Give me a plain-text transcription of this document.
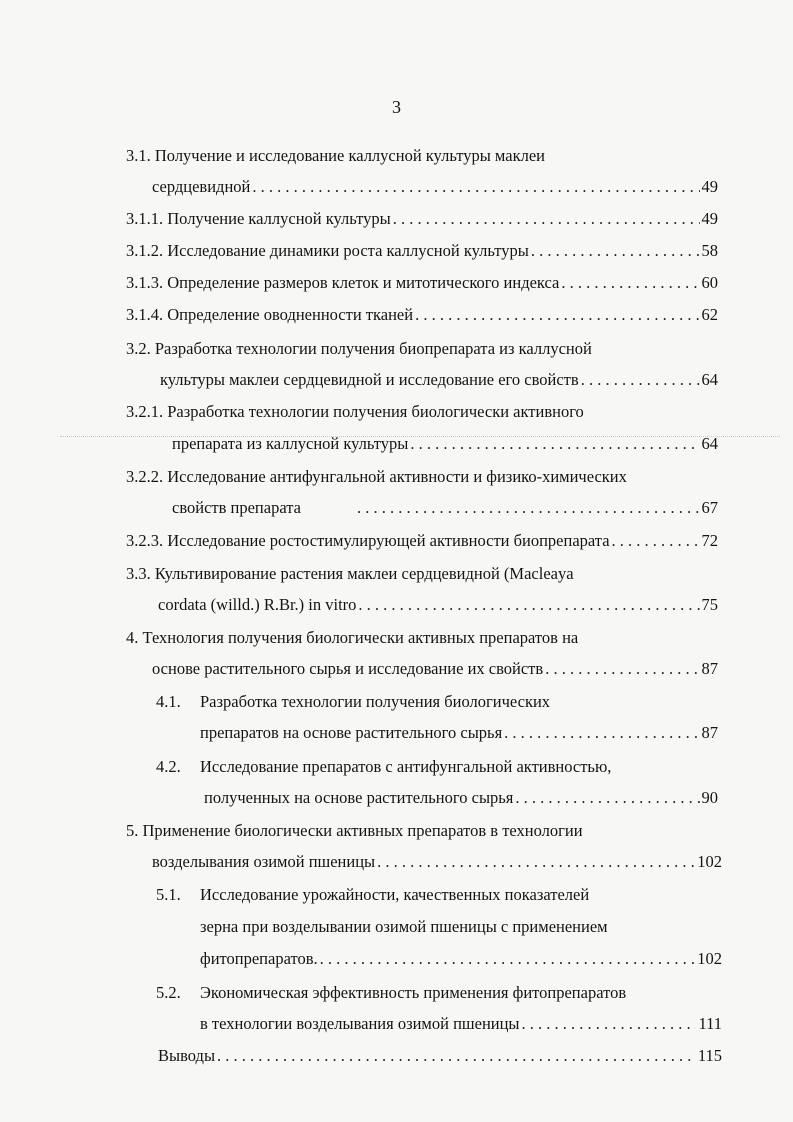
3
3.1. Получение и исследование каллусной культуры маклеи
сердцевидной . . .	49
3.1.1. Получение каллусной культуры . . .	49
3.1.2. Исследование динамики роста каллусной культуры . . .	58
3.1.3. Определение размеров клеток и митотического индекса . . .	60
3.1.4. Определение оводненности тканей . . .	62
3.2. Разработка технологии получения биопрепарата из каллусной
культуры маклеи сердцевидной и исследование его свойств . . .	64
3.2.1. Разработка технологии получения биологически активного
препарата из каллусной культуры . . .	64
3.2.2. Исследование антифунгальной активности и физико-химических
свойств препарата . . .	67
3.2.3. Исследование ростостимулирующей активности биопрепарата . . .	72
3.3. Культивирование растения маклеи сердцевидной (Macleaya
cordata (willd.) R.Br.) in vitro . . .	75
4. Технология получения биологически активных препаратов на
основе растительного сырья и исследование их свойств . . .	87
4.1. Разработка технологии получения биологических
препаратов на основе растительного сырья . . .	87
4.2. Исследование препаратов с антифунгальной активностью,
полученных на основе растительного сырья . . .	90
5. Применение биологически активных препаратов в технологии
возделывания озимой пшеницы . . .	102
5.1. Исследование урожайности, качественных показателей
зерна при возделывании озимой пшеницы с применением
фитопрепаратов. . . .	102
5.2. Экономическая эффективность применения фитопрепаратов
в технологии возделывания озимой пшеницы . . .	111
Выводы . . .	115
